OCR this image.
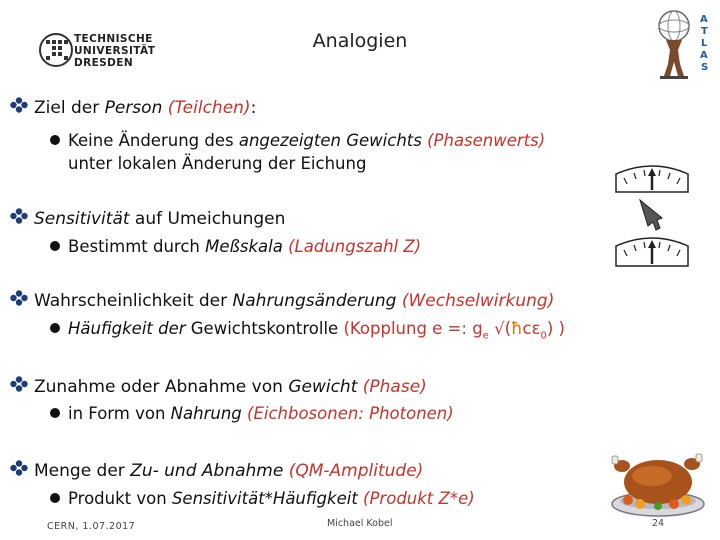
TECHNISCHE
UNIVERSITÄT
DRESDEN
Analogien
A
T
L
A
S
Ziel der Person (Teilchen):
Keine Änderung des angezeigten Gewichts (Phasenwerts)
unter lokalen Änderung der Eichung
Sensitivität auf Umeichungen
Bestimmt durch Meßskala (Ladungszahl Z)
Wahrscheinlichkeit der Nahrungsänderung (Wechselwirkung)
Häufigkeit der Gewichtskontrolle (Kopplung e =: $g_e$ √(ħcε$_0$) )
Zunahme oder Abnahme von Gewicht (Phase)
in Form von Nahrung (Eichbosonen: Photonen)
Menge der Zu- und Abnahme (QM-Amplitude)
Produkt von Sensitivität*Häufigkeit (Produkt Z*e)
CERN, 1.07.2017	Michael Kobel	24
